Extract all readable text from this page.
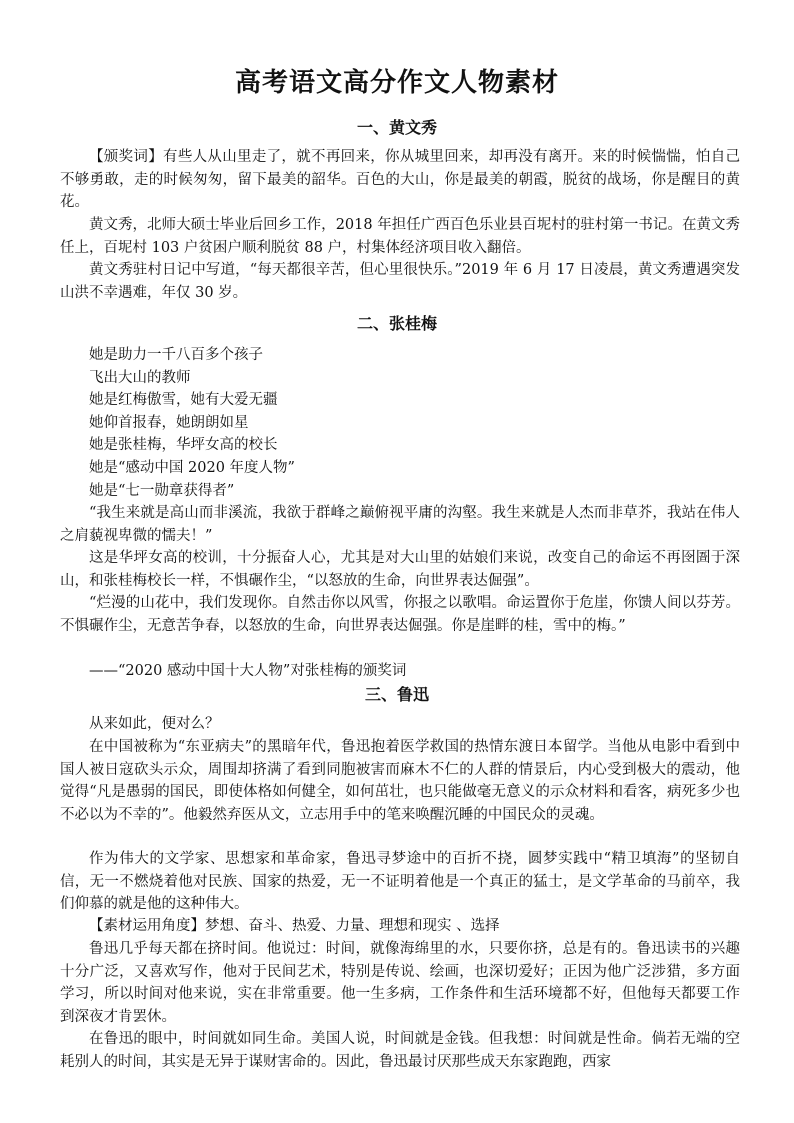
高考语文高分作文人物素材
一、黄文秀

【颁奖词】有些人从山里走了，就不再回来，你从城里回来，却再没有离开。来的时候惴惴，怕自己不够勇敢，走的时候匆匆，留下最美的韶华。百色的大山，你是最美的朝霞，脱贫的战场，你是醒目的黄花。

黄文秀，北师大硕士毕业后回乡工作，2018 年担任广西百色乐业县百坭村的驻村第一书记。在黄文秀任上，百坭村 103 户贫困户顺利脱贫 88 户，村集体经济项目收入翻倍。

黄文秀驻村日记中写道，“每天都很辛苦，但心里很快乐。”2019 年 6 月 17 日凌晨，黄文秀遭遇突发山洪不幸遇难，年仅 30 岁。

二、张桂梅
她是助力一千八百多个孩子
飞出大山的教师
她是红梅傲雪，她有大爱无疆
她仰首报春，她朗朗如星
她是张桂梅，华坪女高的校长
她是“感动中国 2020 年度人物”
她是“七一勋章获得者”

“我生来就是高山而非溪流，我欲于群峰之巅俯视平庸的沟壑。我生来就是人杰而非草芥，我站在伟人之肩藐视卑微的懦夫！”

这是华坪女高的校训，十分振奋人心，尤其是对大山里的姑娘们来说，改变自己的命运不再囹圄于深山，和张桂梅校长一样，不惧碾作尘，“以怒放的生命，向世界表达倔强”。

“烂漫的山花中，我们发现你。自然击你以风雪，你报之以歌唱。命运置你于危崖，你馈人间以芬芳。不惧碾作尘，无意苦争春，以怒放的生命，向世界表达倔强。你是崖畔的桂，雪中的梅。”

——“2020 感动中国十大人物”对张桂梅的颁奖词

三、鲁迅

从来如此，便对么？

在中国被称为“东亚病夫”的黑暗年代，鲁迅抱着医学救国的热情东渡日本留学。当他从电影中看到中国人被日寇砍头示众，周围却挤满了看到同胞被害而麻木不仁的人群的情景后，内心受到极大的震动，他觉得“凡是愚弱的国民，即使体格如何健全，如何茁壮，也只能做毫无意义的示众材料和看客，病死多少也不必以为不幸的”。他毅然弃医从文，立志用手中的笔来唤醒沉睡的中国民众的灵魂。

作为伟大的文学家、思想家和革命家，鲁迅寻梦途中的百折不挠，圆梦实践中“精卫填海”的坚韧自信，无一不燃烧着他对民族、国家的热爱，无一不证明着他是一个真正的猛士，是文学革命的马前卒，我们仰慕的就是他的这种伟大。

【素材运用角度】梦想、奋斗、热爱、力量、理想和现实 、选择

鲁迅几乎每天都在挤时间。他说过：时间，就像海绵里的水，只要你挤，总是有的。鲁迅读书的兴趣十分广泛，又喜欢写作，他对于民间艺术，特别是传说、绘画，也深切爱好；正因为他广泛涉猎，多方面学习，所以时间对他来说，实在非常重要。他一生多病，工作条件和生活环境都不好，但他每天都要工作到深夜才肯罢休。

在鲁迅的眼中，时间就如同生命。美国人说，时间就是金钱。但我想：时间就是性命。倘若无端的空耗别人的时间，其实是无异于谋财害命的。因此，鲁迅最讨厌那些成天东家跑跑，西家
